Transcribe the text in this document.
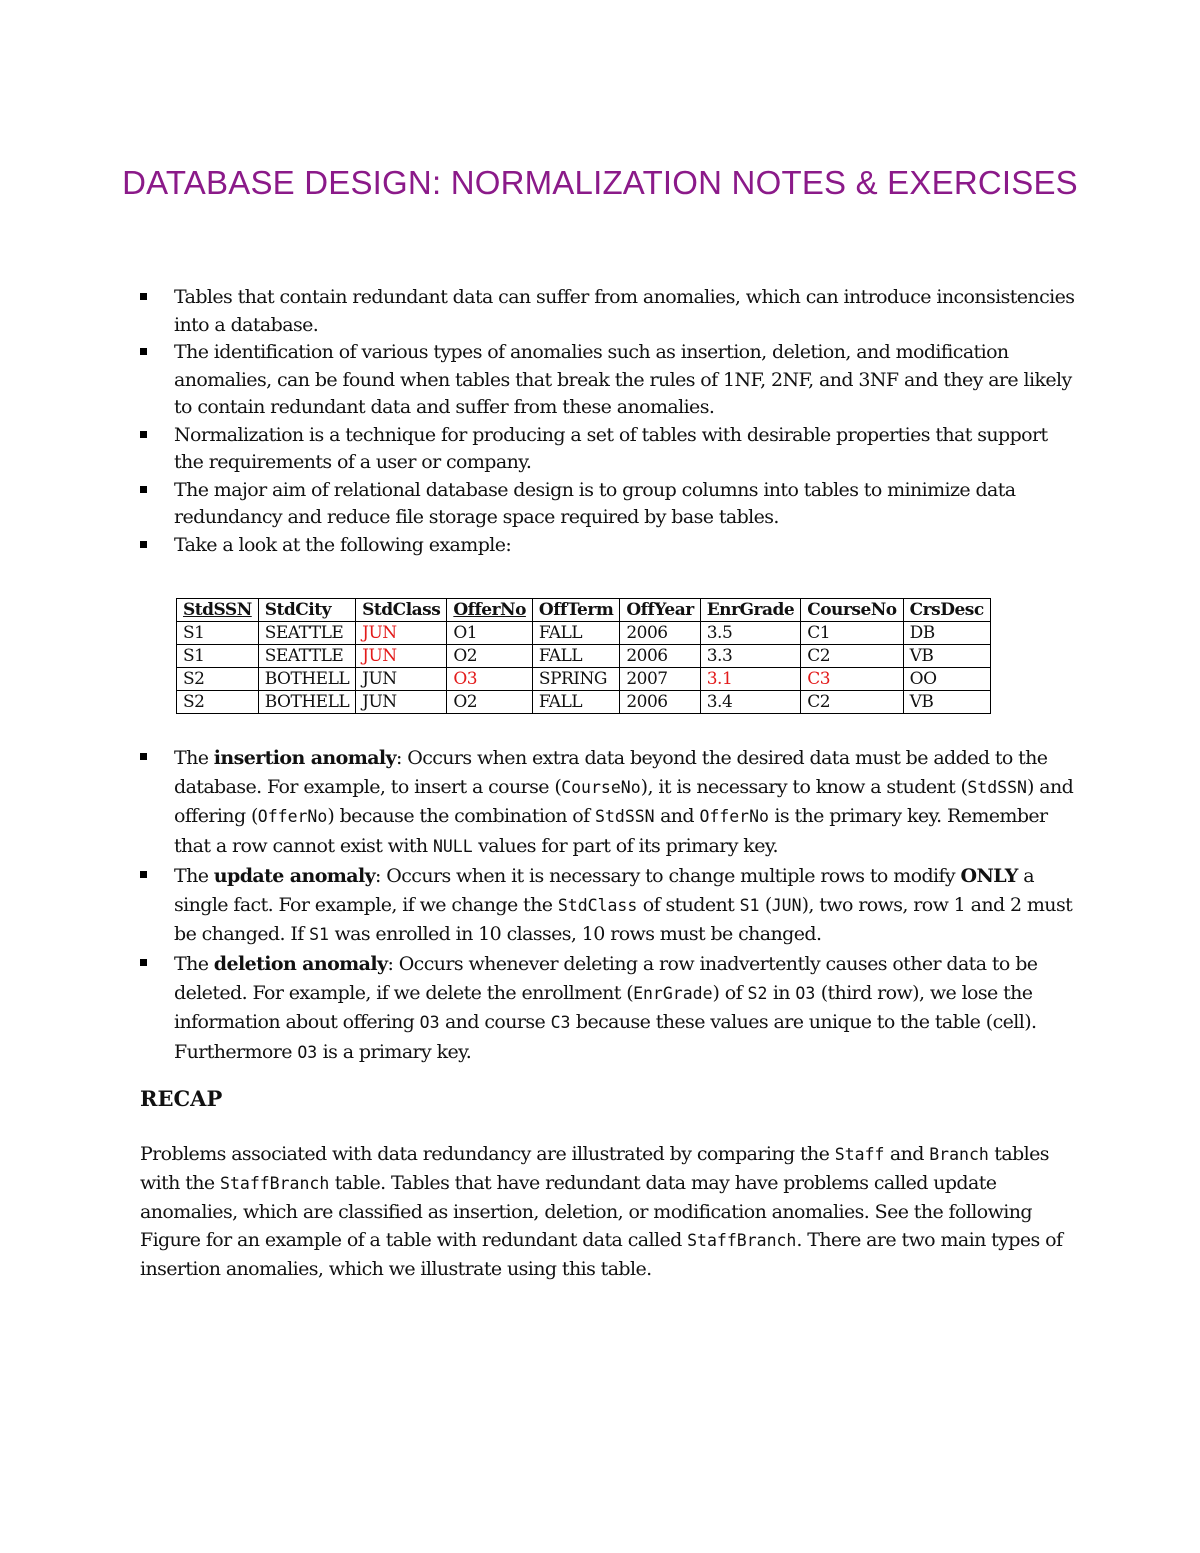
DATABASE DESIGN: NORMALIZATION NOTES & EXERCISES
Tables that contain redundant data can suffer from anomalies, which can introduce inconsistencies into a database.
The identification of various types of anomalies such as insertion, deletion, and modification anomalies, can be found when tables that break the rules of 1NF, 2NF, and 3NF and they are likely to contain redundant data and suffer from these anomalies.
Normalization is a technique for producing a set of tables with desirable properties that support the requirements of a user or company.
The major aim of relational database design is to group columns into tables to minimize data redundancy and reduce file storage space required by base tables.
Take a look at the following example:
StdSSN	StdCity	StdClass	OfferNo	OffTerm	OffYear	EnrGrade	CourseNo	CrsDesc
S1	SEATTLE	JUN	O1	FALL	2006	3.5	C1	DB
S1	SEATTLE	JUN	O2	FALL	2006	3.3	C2	VB
S2	BOTHELL	JUN	O3	SPRING	2007	3.1	C3	OO
S2	BOTHELL	JUN	O2	FALL	2006	3.4	C2	VB
The insertion anomaly: Occurs when extra data beyond the desired data must be added to the database. For example, to insert a course (CourseNo), it is necessary to know a student (StdSSN) and offering (OfferNo) because the combination of StdSSN and OfferNo is the primary key. Remember that a row cannot exist with NULL values for part of its primary key.
The update anomaly: Occurs when it is necessary to change multiple rows to modify ONLY a single fact. For example, if we change the StdClass of student S1 (JUN), two rows, row 1 and 2 must be changed. If S1 was enrolled in 10 classes, 10 rows must be changed.
The deletion anomaly: Occurs whenever deleting a row inadvertently causes other data to be deleted. For example, if we delete the enrollment (EnrGrade) of S2 in O3 (third row), we lose the information about offering O3 and course C3 because these values are unique to the table (cell). Furthermore O3 is a primary key.
RECAP

Problems associated with data redundancy are illustrated by comparing the Staff and Branch tables with the StaffBranch table. Tables that have redundant data may have problems called update anomalies, which are classified as insertion, deletion, or modification anomalies. See the following Figure for an example of a table with redundant data called StaffBranch. There are two main types of insertion anomalies, which we illustrate using this table.
